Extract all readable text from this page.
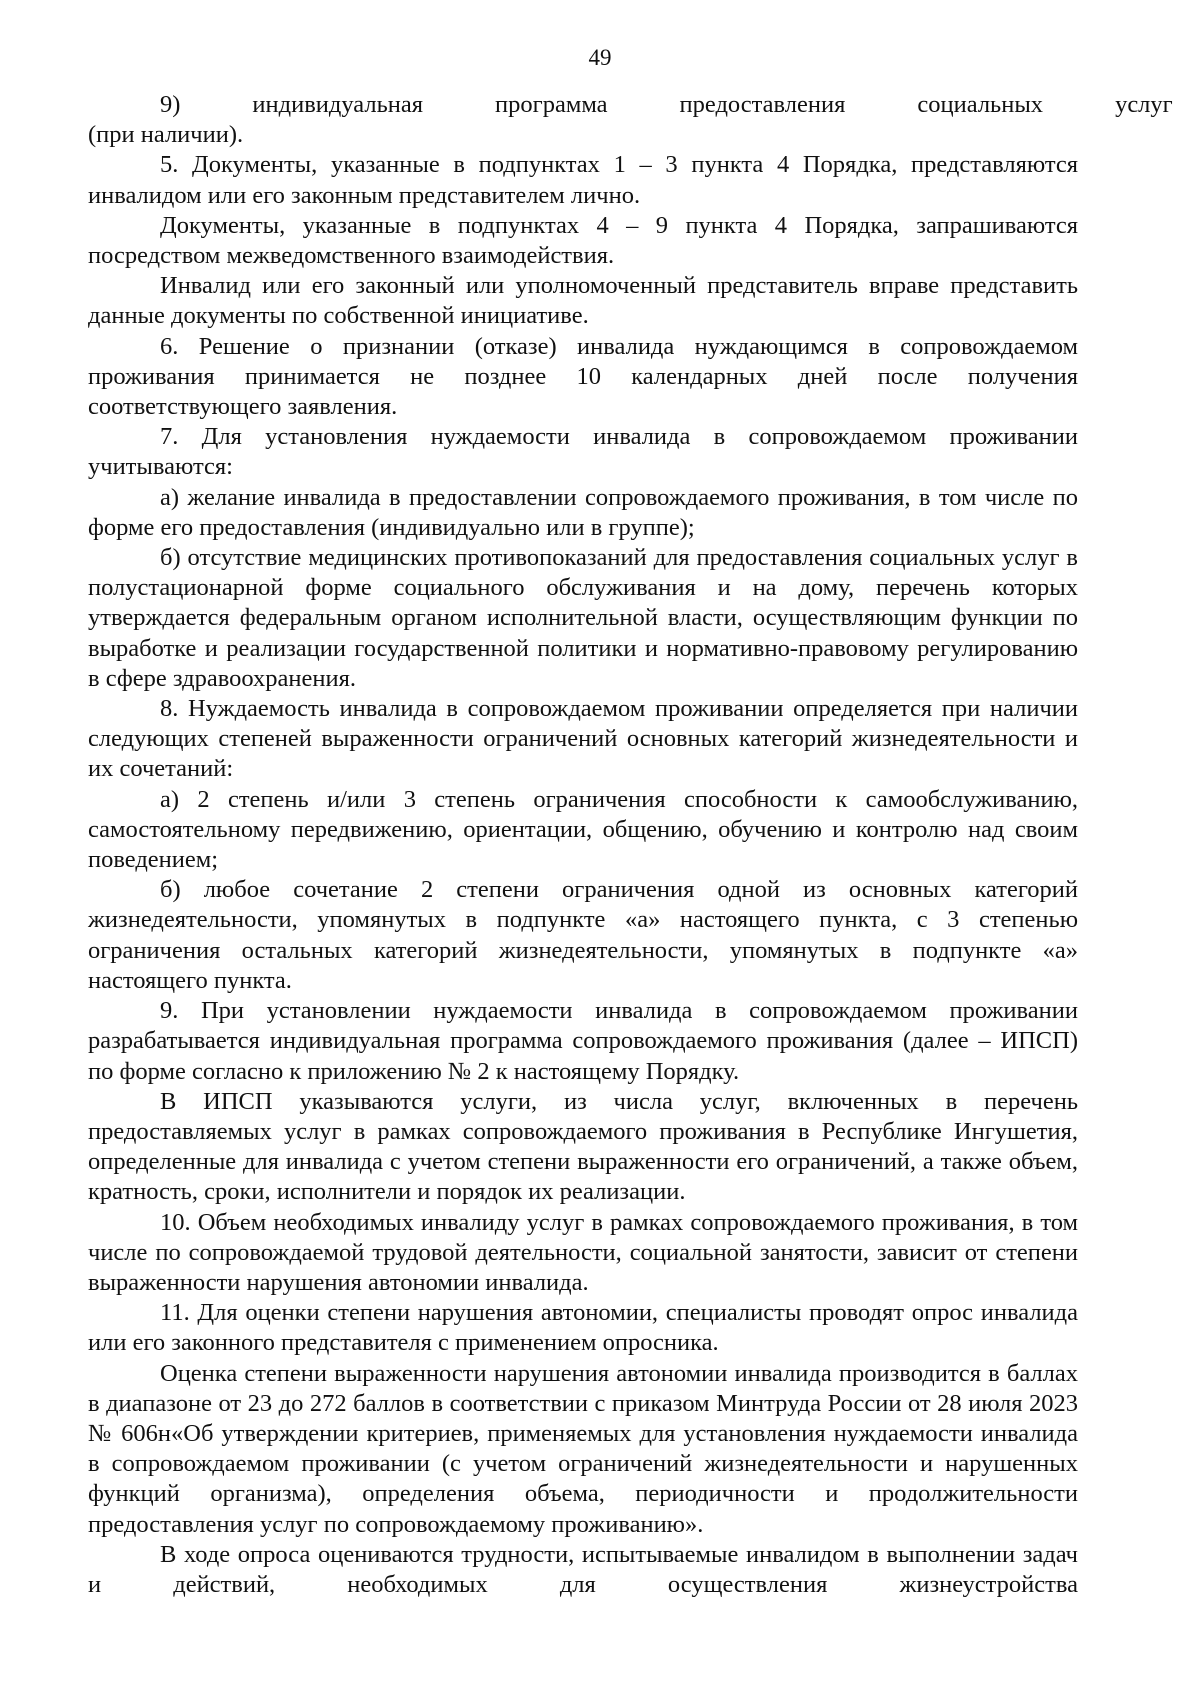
49

9)	индивидуальная	программа	предоставления	социальных	услуг
(при наличии).

5. Документы, указанные в подпунктах 1 – 3 пункта 4 Порядка, представляются инвалидом или его законным представителем лично.

Документы, указанные в подпунктах 4 – 9 пункта 4 Порядка, запрашиваются посредством межведомственного взаимодействия.

Инвалид или его законный или уполномоченный представитель вправе представить данные документы по собственной инициативе.

6. Решение о признании (отказе) инвалида нуждающимся в сопровождаемом проживания принимается не позднее 10 календарных дней после получения соответствующего заявления.

7. Для установления нуждаемости инвалида в сопровождаемом проживании учитываются:

а) желание инвалида в предоставлении сопровождаемого проживания, в том числе по форме его предоставления (индивидуально или в группе);

б) отсутствие медицинских противопоказаний для предоставления социальных услуг в полустационарной форме социального обслуживания и на дому, перечень которых утверждается федеральным органом исполнительной власти, осуществляющим функции по выработке и реализации государственной политики и нормативно-правовому регулированию в сфере здравоохранения.

8. Нуждаемость инвалида в сопровождаемом проживании определяется при наличии следующих степеней выраженности ограничений основных категорий жизнедеятельности и их сочетаний:

а) 2 степень и/или 3 степень ограничения способности к самообслуживанию, самостоятельному передвижению, ориентации, общению, обучению и контролю над своим поведением;

б) любое сочетание 2 степени ограничения одной из основных категорий жизнедеятельности, упомянутых в подпункте «а» настоящего пункта, с 3 степенью ограничения остальных категорий жизнедеятельности, упомянутых в подпункте «а» настоящего пункта.

9. При установлении нуждаемости инвалида в сопровождаемом проживании разрабатывается индивидуальная программа сопровождаемого проживания (далее – ИПСП) по форме согласно к приложению № 2 к настоящему Порядку.

В ИПСП указываются услуги, из числа услуг, включенных в перечень предоставляемых услуг в рамках сопровождаемого проживания в Республике Ингушетия, определенные для инвалида с учетом степени выраженности его ограничений, а также объем, кратность, сроки, исполнители и порядок их реализации.

10. Объем необходимых инвалиду услуг в рамках сопровождаемого проживания, в том числе по сопровождаемой трудовой деятельности, социальной занятости, зависит от степени выраженности нарушения автономии инвалида.

11. Для оценки степени нарушения автономии, специалисты проводят опрос инвалида или его законного представителя с применением опросника.

Оценка степени выраженности нарушения автономии инвалида производится в баллах в диапазоне от 23 до 272 баллов в соответствии с приказом Минтруда России от 28 июля 2023 № 606н«Об утверждении критериев, применяемых для установления нуждаемости инвалида в сопровождаемом проживании (с учетом ограничений жизнедеятельности и нарушенных функций организма), определения объема, периодичности и продолжительности предоставления услуг по сопровождаемому проживанию».

В ходе опроса оцениваются трудности, испытываемые инвалидом в выполнении задач и действий, необходимых для осуществления жизнеустройства
